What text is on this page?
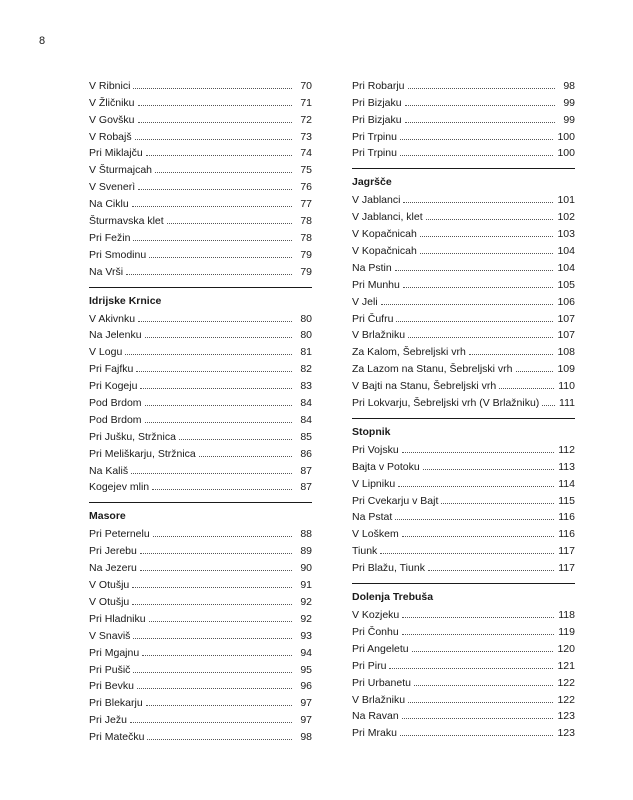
8
V Ribnici	70
V Žličniku	71
V Govšku	72
V Robajš	73
Pri Miklajču	74
V Šturmajcah	75
V Svenerì	76
Na Ciklu	77
Šturmavska klet	78
Pri Fežin	78
Pri Smodinu	79
Na Vrši	79
Idrijske Krnice
V Akivnku	80
Na Jelenku	80
V Logu	81
Pri Fajfku	82
Pri Kogeju	83
Pod Brdom	84
Pod Brdom	84
Pri Jušku, Stržnica	85
Pri Meliškarju, Stržnica	86
Na Kališ	87
Kogejev mlin	87
Masore
Pri Peternelu	88
Pri Jerebu	89
Na Jezeru	90
V Otušju	91
V Otušju	92
Pri Hladniku	92
V Snaviš	93
Pri Mgajnu	94
Pri Pušič	95
Pri Bevku	96
Pri Blekarju	97
Pri Ježu	97
Pri Matečku	98
Pri Robarju	98
Pri Bizjaku	99
Pri Bizjaku	99
Pri Trpinu	100
Pri Trpinu	100
Jagršče
V Jablanci	101
V Jablanci, klet	102
V Kopačnicah	103
V Kopačnicah	104
Na Pstin	104
Pri Munhu	105
V Jeli	106
Pri Čufru	107
V Brlažniku	107
Za Kalom, Šebreljski vrh	108
Za Lazom na Stanu, Šebreljski vrh	109
V Bajti na Stanu, Šebreljski vrh	110
Pri Lokvarju, Šebreljski vrh (V Brlažniku) 111
Stopnik
Pri Vojsku	112
Bajta v Potoku	113
V Lipniku	114
Pri Cvekarju v Bajt	115
Na Pstat	116
V Loškem	116
Tiunk	117
Pri Blažu, Tiunk	117
Dolenja Trebuša
V Kozjeku	118
Pri Čonhu	119
Pri Angeletu	120
Pri Piru	121
Pri Urbanetu	122
V Brlažniku	122
Na Ravan	123
Pri Mraku	123
